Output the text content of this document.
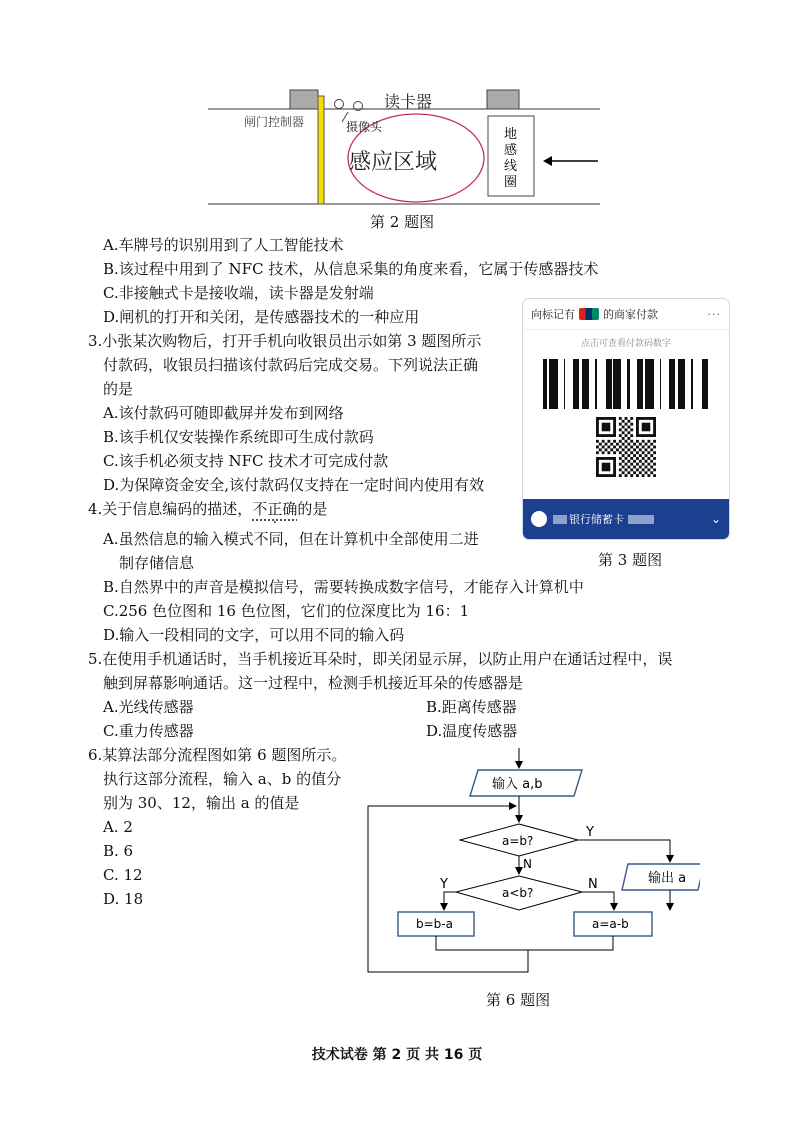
闸门控制器	摄像头
读卡器
感应区域
地
感
线
圈
第 2 题图
A.车牌号的识别用到了人工智能技术
B.该过程中用到了 NFC 技术，从信息采集的角度来看，它属于传感器技术
C.非接触式卡是接收端，读卡器是发射端
D.闸机的打开和关闭，是传感器技术的一种应用
3.小张某次购物后，打开手机向收银员出示如第 3 题图所示
付款码，收银员扫描该付款码后完成交易。下列说法正确
的是
A.该付款码可随即截屏并发布到网络
B.该手机仅安装操作系统即可生成付款码
C.该手机必须支持 NFC 技术才可完成付款
D.为保障资金安全,该付款码仅支持在一定时间内使用有效
向标记有	的商家付款	···
点击可查看付款码数字
银行储蓄卡	⌄
第 3 题图
4.关于信息编码的描述，不正确的是
A.虽然信息的输入模式不同，但在计算机中全部使用二进
制存储信息
B.自然界中的声音是模拟信号，需要转换成数字信号，才能存入计算机中
C.256 色位图和 16 色位图，它们的位深度比为 16：1
D.输入一段相同的文字，可以用不同的输入码
5.在使用手机通话时，当手机接近耳朵时，即关闭显示屏，以防止用户在通话过程中，误
触到屏幕影响通话。这一过程中，检测手机接近耳朵的传感器是
A.光线传感器	B.距离传感器
C.重力传感器	D.温度传感器
6.某算法部分流程图如第 6 题图所示。
执行这部分流程，输入 a、b 的值分
别为 30、12，输出 a 的值是
A. 2
B. 6
C. 12
D. 18
输入 a,b
a=b?
Y
N
输出 a
a<b?
Y	N
b=b-a	a=a-b
第 6 题图
技术试卷 第 2 页 共 16 页
